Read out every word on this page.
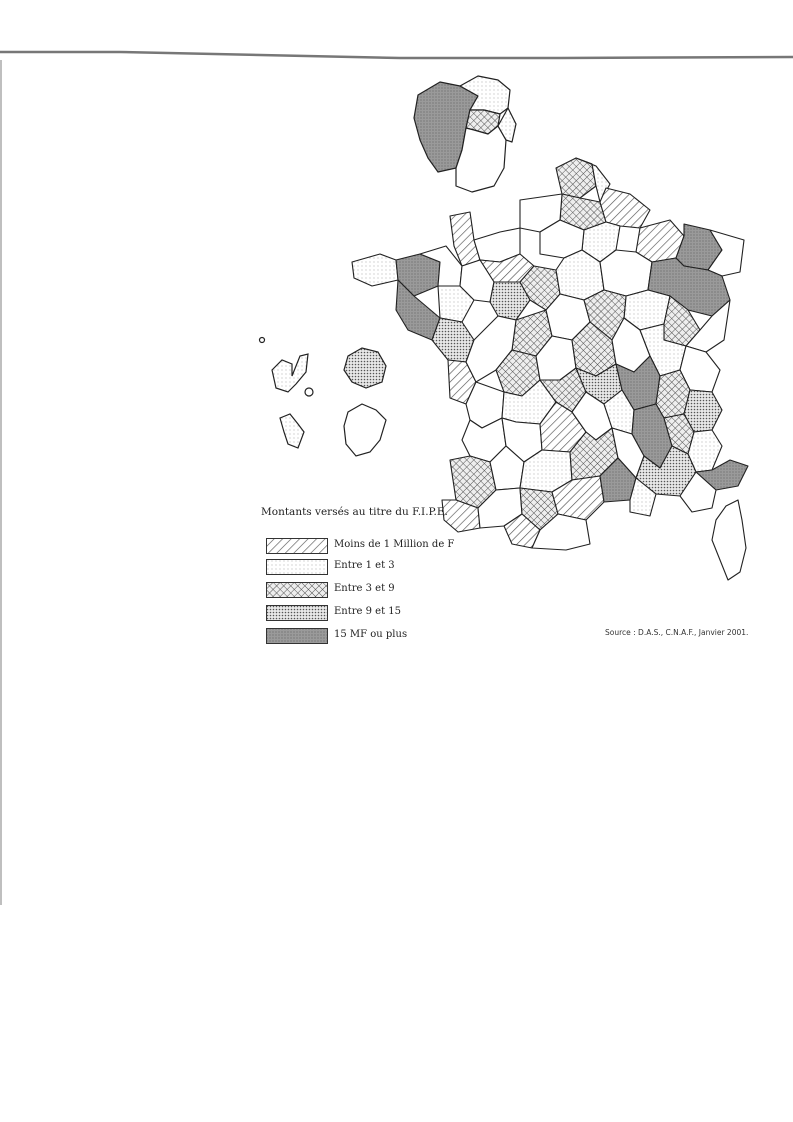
Montants versés au titre du F.I.P.E.
Moins de 1 Million de F
Entre 1 et 3
Entre 3 et 9
Entre 9 et 15
15 MF ou plus	Source : D.A.S., C.N.A.F., Janvier 2001.
